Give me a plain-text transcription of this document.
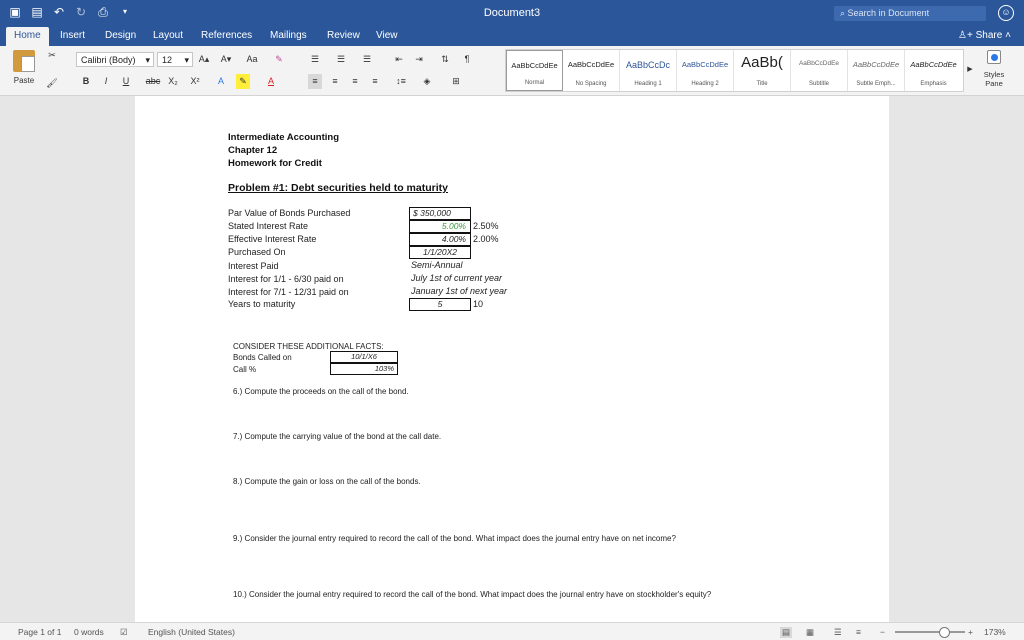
▣ ▤ ↶ ↻ ⎙	▾	Document3	⌕ Search in Document	☺
Home	Insert Design Layout References Mailings Review View	♙+ Share ˄
Paste
✂
🖌
Calibri (Body) ▾	12 ▾ A▴ A▾ Aa	✎
B	I	U	abc X₂ X²	A	✎	A
☰	☰	☰	⇤	⇥	⇅	¶
≡	≡	≡	≡	↕≡	◈	⊞
AaBbCcDdEe
Normal
AaBbCcDdEe
No Spacing
AaBbCcDc
Heading 1
AaBbCcDdEe
Heading 2
AaBb(
Title
AaBbCcDdEe
Subtitle
AaBbCcDdEe
Subtle Emph...
AaBbCcDdEe
Emphasis
▶
Styles Pane
Intermediate Accounting
Chapter 12
Homework for Credit
Problem #1: Debt securities held to maturity
Par Value of Bonds Purchased	$ 350,000
Stated Interest Rate	5.00% 2.50%
Effective Interest Rate	4.00% 2.00%
Purchased On	1/1/20X2
Interest Paid	Semi-Annual
Interest for 1/1 - 6/30 paid on	July 1st of current year
Interest for 7/1 - 12/31 paid on	January 1st of next year
Years to maturity	5	10
CONSIDER THESE ADDITIONAL FACTS:
Bonds Called on	10/1/X6
Call %	103%
6.) Compute the proceeds on the call of the bond.
7.) Compute the carrying value of the bond at the call date.
8.) Compute the gain or loss on the call of the bonds.
9.) Consider the journal entry required to record the call of the bond. What impact does the journal entry have on net income?
10.) Consider the journal entry required to record the call of the bond. What impact does the journal entry have on stockholder's equity?
Page 1 of 1 0 words ☑ English (United States)	▤ ▦ ☰ ≡ −	+ 173%
